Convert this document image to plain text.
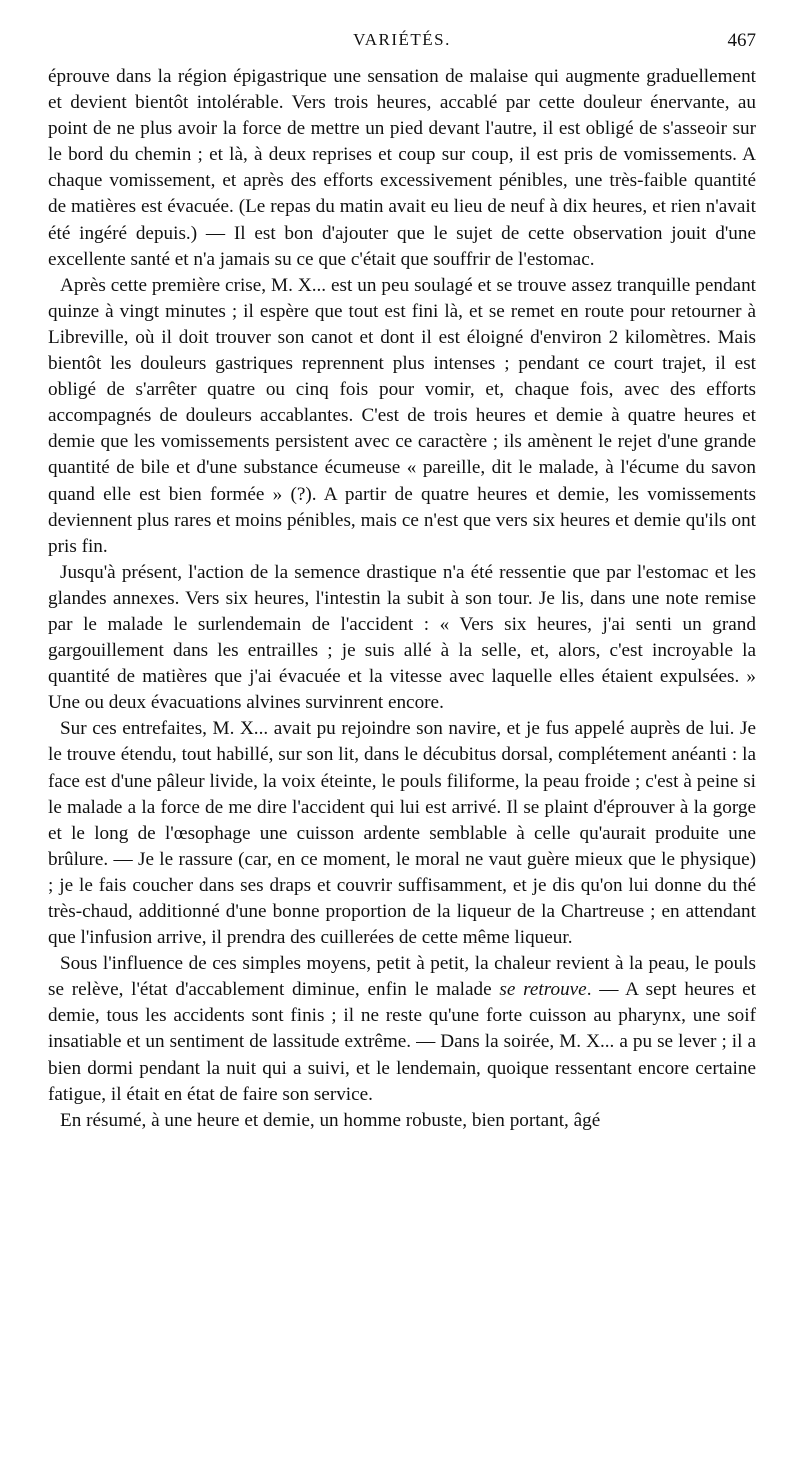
VARIÉTÉS.	467

éprouve dans la région épigastrique une sensation de malaise qui augmente graduellement et devient bientôt intolérable. Vers trois heures, accablé par cette douleur énervante, au point de ne plus avoir la force de mettre un pied devant l'autre, il est obligé de s'asseoir sur le bord du chemin ; et là, à deux reprises et coup sur coup, il est pris de vomissements. A chaque vomissement, et après des efforts excessivement pénibles, une très-faible quantité de matières est évacuée. (Le repas du matin avait eu lieu de neuf à dix heures, et rien n'avait été ingéré depuis.) — Il est bon d'ajouter que le sujet de cette observation jouit d'une excellente santé et n'a jamais su ce que c'était que souffrir de l'estomac.

Après cette première crise, M. X... est un peu soulagé et se trouve assez tranquille pendant quinze à vingt minutes ; il espère que tout est fini là, et se remet en route pour retourner à Libreville, où il doit trouver son canot et dont il est éloigné d'environ 2 kilomètres. Mais bientôt les douleurs gastriques reprennent plus intenses ; pendant ce court trajet, il est obligé de s'arrêter quatre ou cinq fois pour vomir, et, chaque fois, avec des efforts accompagnés de douleurs accablantes. C'est de trois heures et demie à quatre heures et demie que les vomissements persistent avec ce caractère ; ils amènent le rejet d'une grande quantité de bile et d'une substance écumeuse « pareille, dit le malade, à l'écume du savon quand elle est bien formée » (?). A partir de quatre heures et demie, les vomissements deviennent plus rares et moins pénibles, mais ce n'est que vers six heures et demie qu'ils ont pris fin.

Jusqu'à présent, l'action de la semence drastique n'a été ressentie que par l'estomac et les glandes annexes. Vers six heures, l'intestin la subit à son tour. Je lis, dans une note remise par le malade le surlendemain de l'accident : « Vers six heures, j'ai senti un grand gargouillement dans les entrailles ; je suis allé à la selle, et, alors, c'est incroyable la quantité de matières que j'ai évacuée et la vitesse avec laquelle elles étaient expulsées. » Une ou deux évacuations alvines survinrent encore.

Sur ces entrefaites, M. X... avait pu rejoindre son navire, et je fus appelé auprès de lui. Je le trouve étendu, tout habillé, sur son lit, dans le décubitus dorsal, complétement anéanti : la face est d'une pâleur livide, la voix éteinte, le pouls filiforme, la peau froide ; c'est à peine si le malade a la force de me dire l'accident qui lui est arrivé. Il se plaint d'éprouver à la gorge et le long de l'œsophage une cuisson ardente semblable à celle qu'aurait produite une brûlure. — Je le rassure (car, en ce moment, le moral ne vaut guère mieux que le physique) ; je le fais coucher dans ses draps et couvrir suffisamment, et je dis qu'on lui donne du thé très-chaud, additionné d'une bonne proportion de la liqueur de la Chartreuse ; en attendant que l'infusion arrive, il prendra des cuillerées de cette même liqueur.

Sous l'influence de ces simples moyens, petit à petit, la chaleur revient à la peau, le pouls se relève, l'état d'accablement diminue, enfin le malade se retrouve. — A sept heures et demie, tous les accidents sont finis ; il ne reste qu'une forte cuisson au pharynx, une soif insatiable et un sentiment de lassitude extrême. — Dans la soirée, M. X... a pu se lever ; il a bien dormi pendant la nuit qui a suivi, et le lendemain, quoique ressentant encore certaine fatigue, il était en état de faire son service.

En résumé, à une heure et demie, un homme robuste, bien portant, âgé
